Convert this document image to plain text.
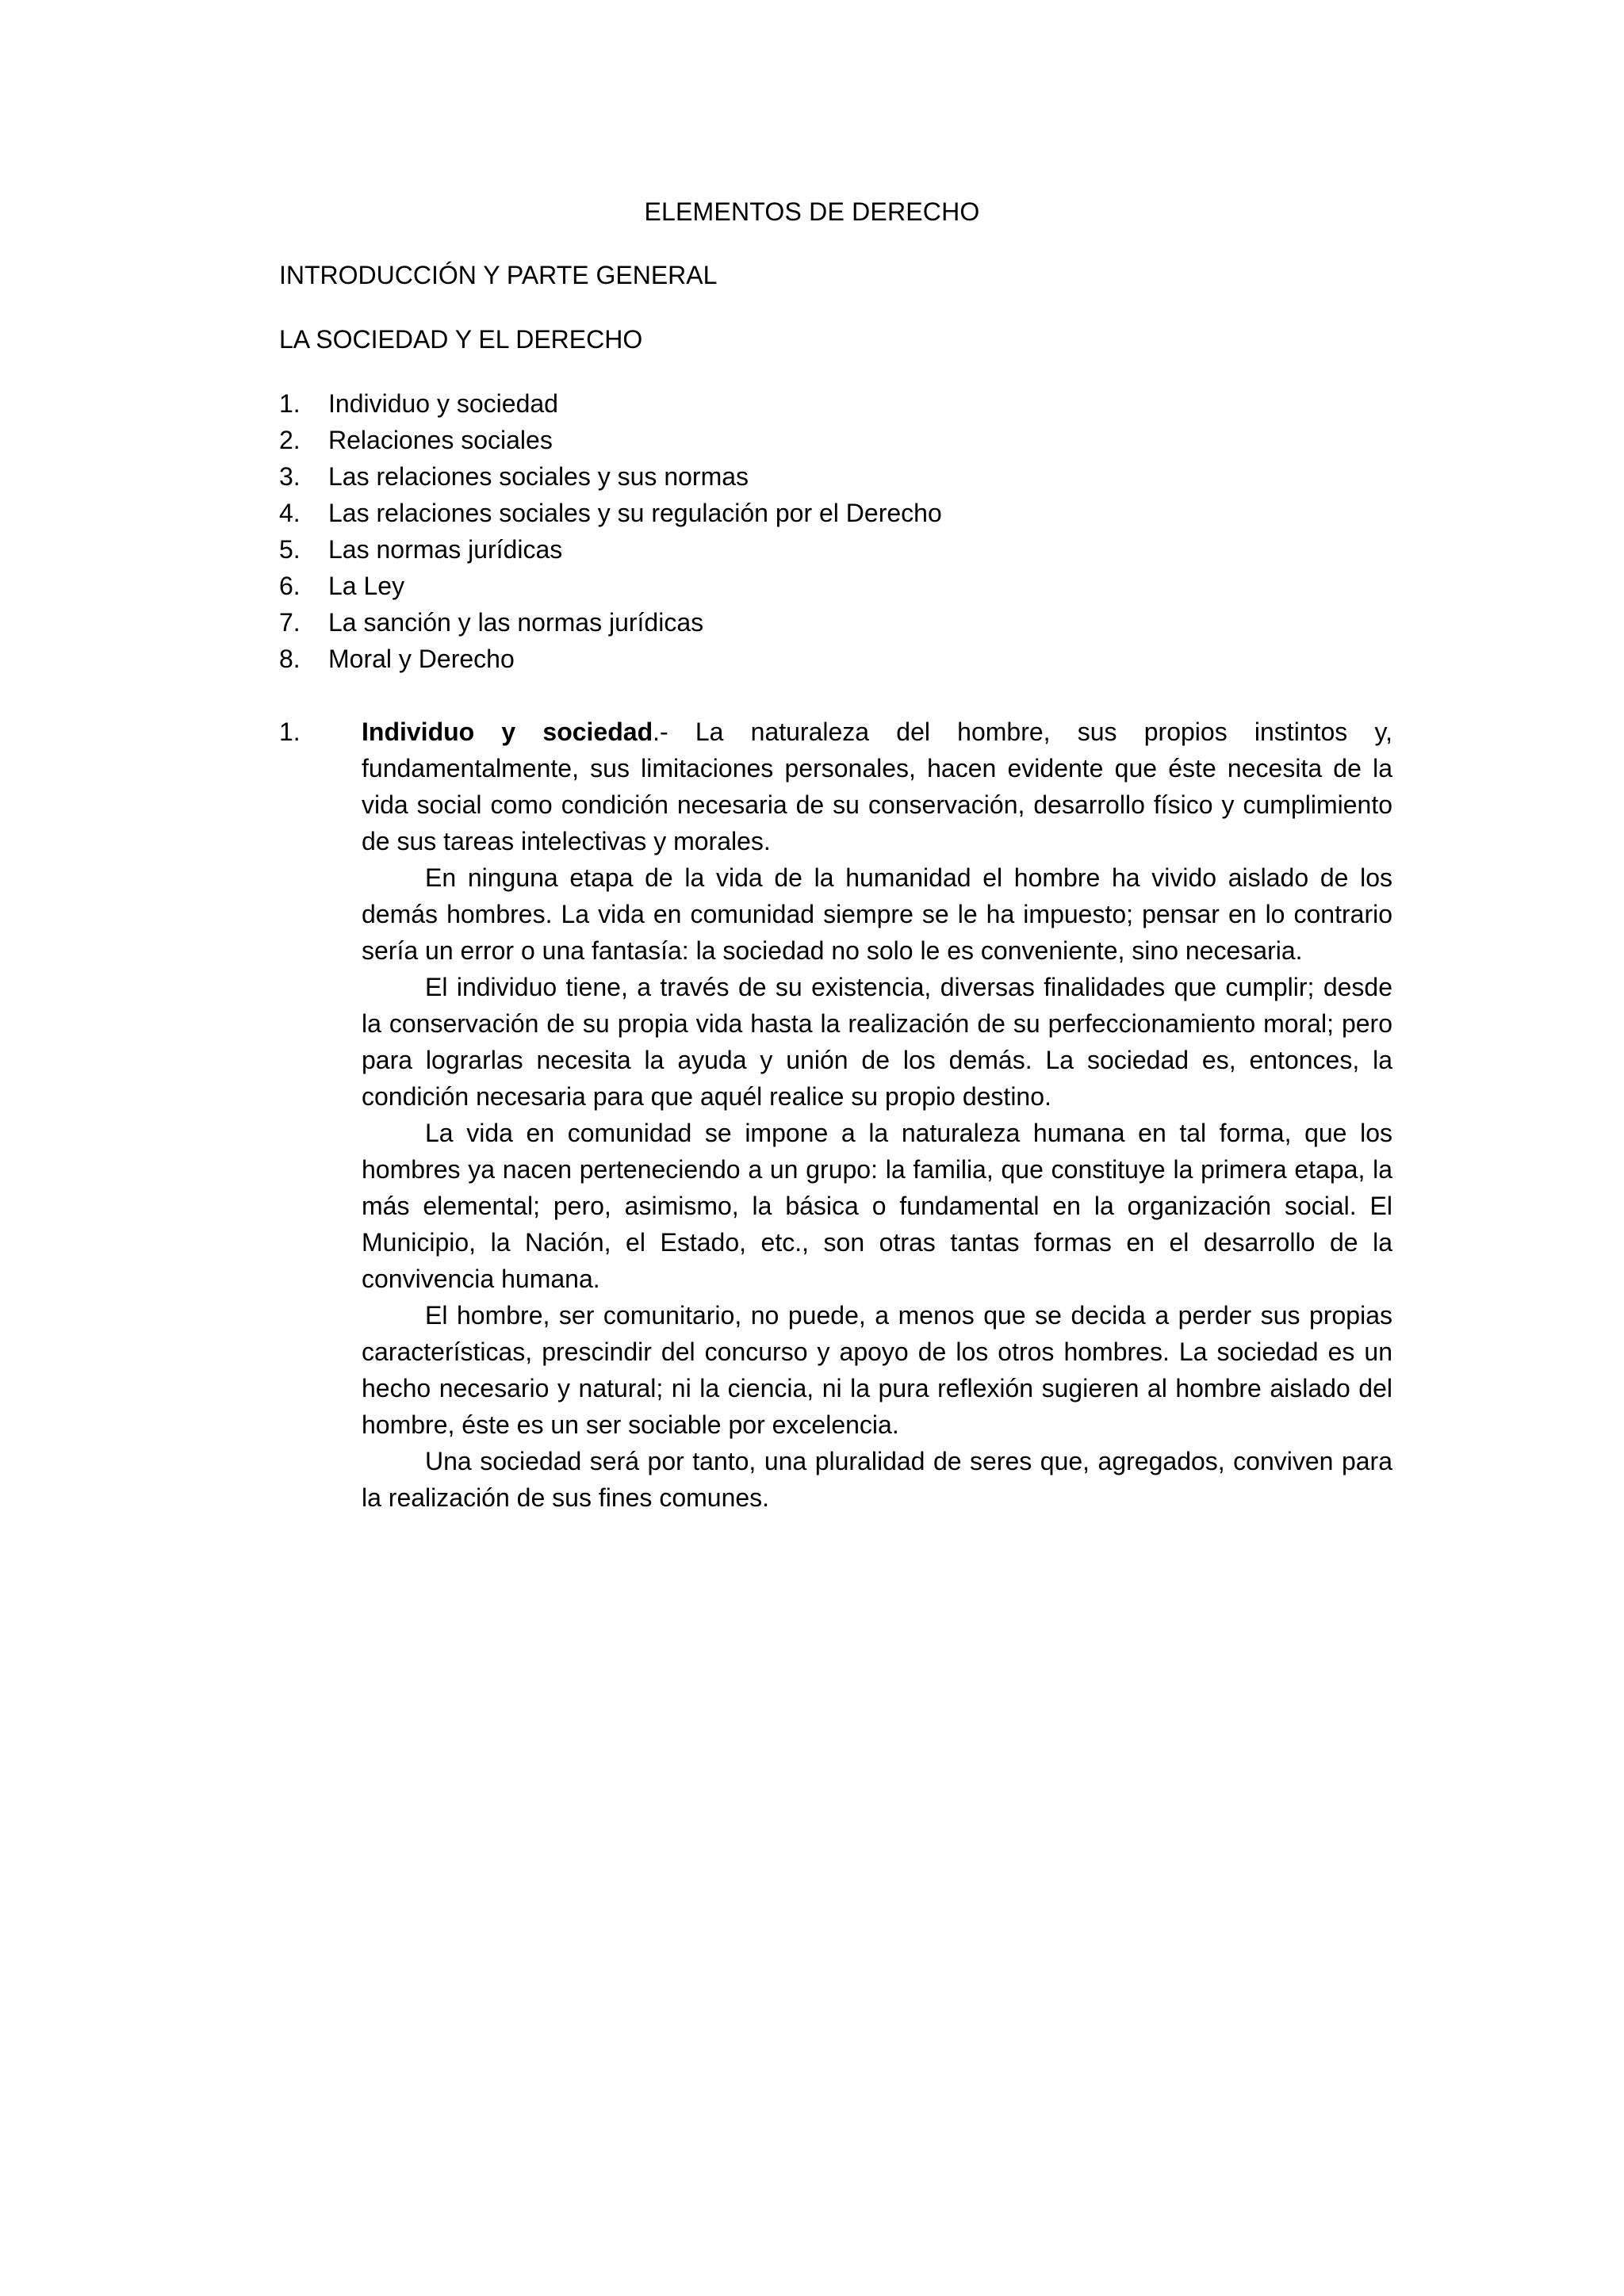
ELEMENTOS DE DERECHO
INTRODUCCIÓN Y PARTE GENERAL
LA SOCIEDAD Y EL DERECHO
1.	Individuo y sociedad
2.	Relaciones sociales
3.	Las relaciones sociales y sus normas
4.	Las relaciones sociales y su regulación por el Derecho
5.	Las normas jurídicas
6.	La Ley
7.	La sanción y las normas jurídicas
8.	Moral y Derecho
1. Individuo y sociedad.- La naturaleza del hombre, sus propios instintos y, fundamentalmente, sus limitaciones personales, hacen evidente que éste necesita de la vida social como condición necesaria de su conservación, desarrollo físico y cumplimiento de sus tareas intelectivas y morales.

En ninguna etapa de la vida de la humanidad el hombre ha vivido aislado de los demás hombres. La vida en comunidad siempre se le ha impuesto; pensar en lo contrario sería un error o una fantasía: la sociedad no solo le es conveniente, sino necesaria.

El individuo tiene, a través de su existencia, diversas finalidades que cumplir; desde la conservación de su propia vida hasta la realización de su perfeccionamiento moral; pero para lograrlas necesita la ayuda y unión de los demás. La sociedad es, entonces, la condición necesaria para que aquél realice su propio destino.

La vida en comunidad se impone a la naturaleza humana en tal forma, que los hombres ya nacen perteneciendo a un grupo: la familia, que constituye la primera etapa, la más elemental; pero, asimismo, la básica o fundamental en la organización social. El Municipio, la Nación, el Estado, etc., son otras tantas formas en el desarrollo de la convivencia humana.

El hombre, ser comunitario, no puede, a menos que se decida a perder sus propias características, prescindir del concurso y apoyo de los otros hombres. La sociedad es un hecho necesario y natural; ni la ciencia, ni la pura reflexión sugieren al hombre aislado del hombre, éste es un ser sociable por excelencia.

Una sociedad será por tanto, una pluralidad de seres que, agregados, conviven para la realización de sus fines comunes.
